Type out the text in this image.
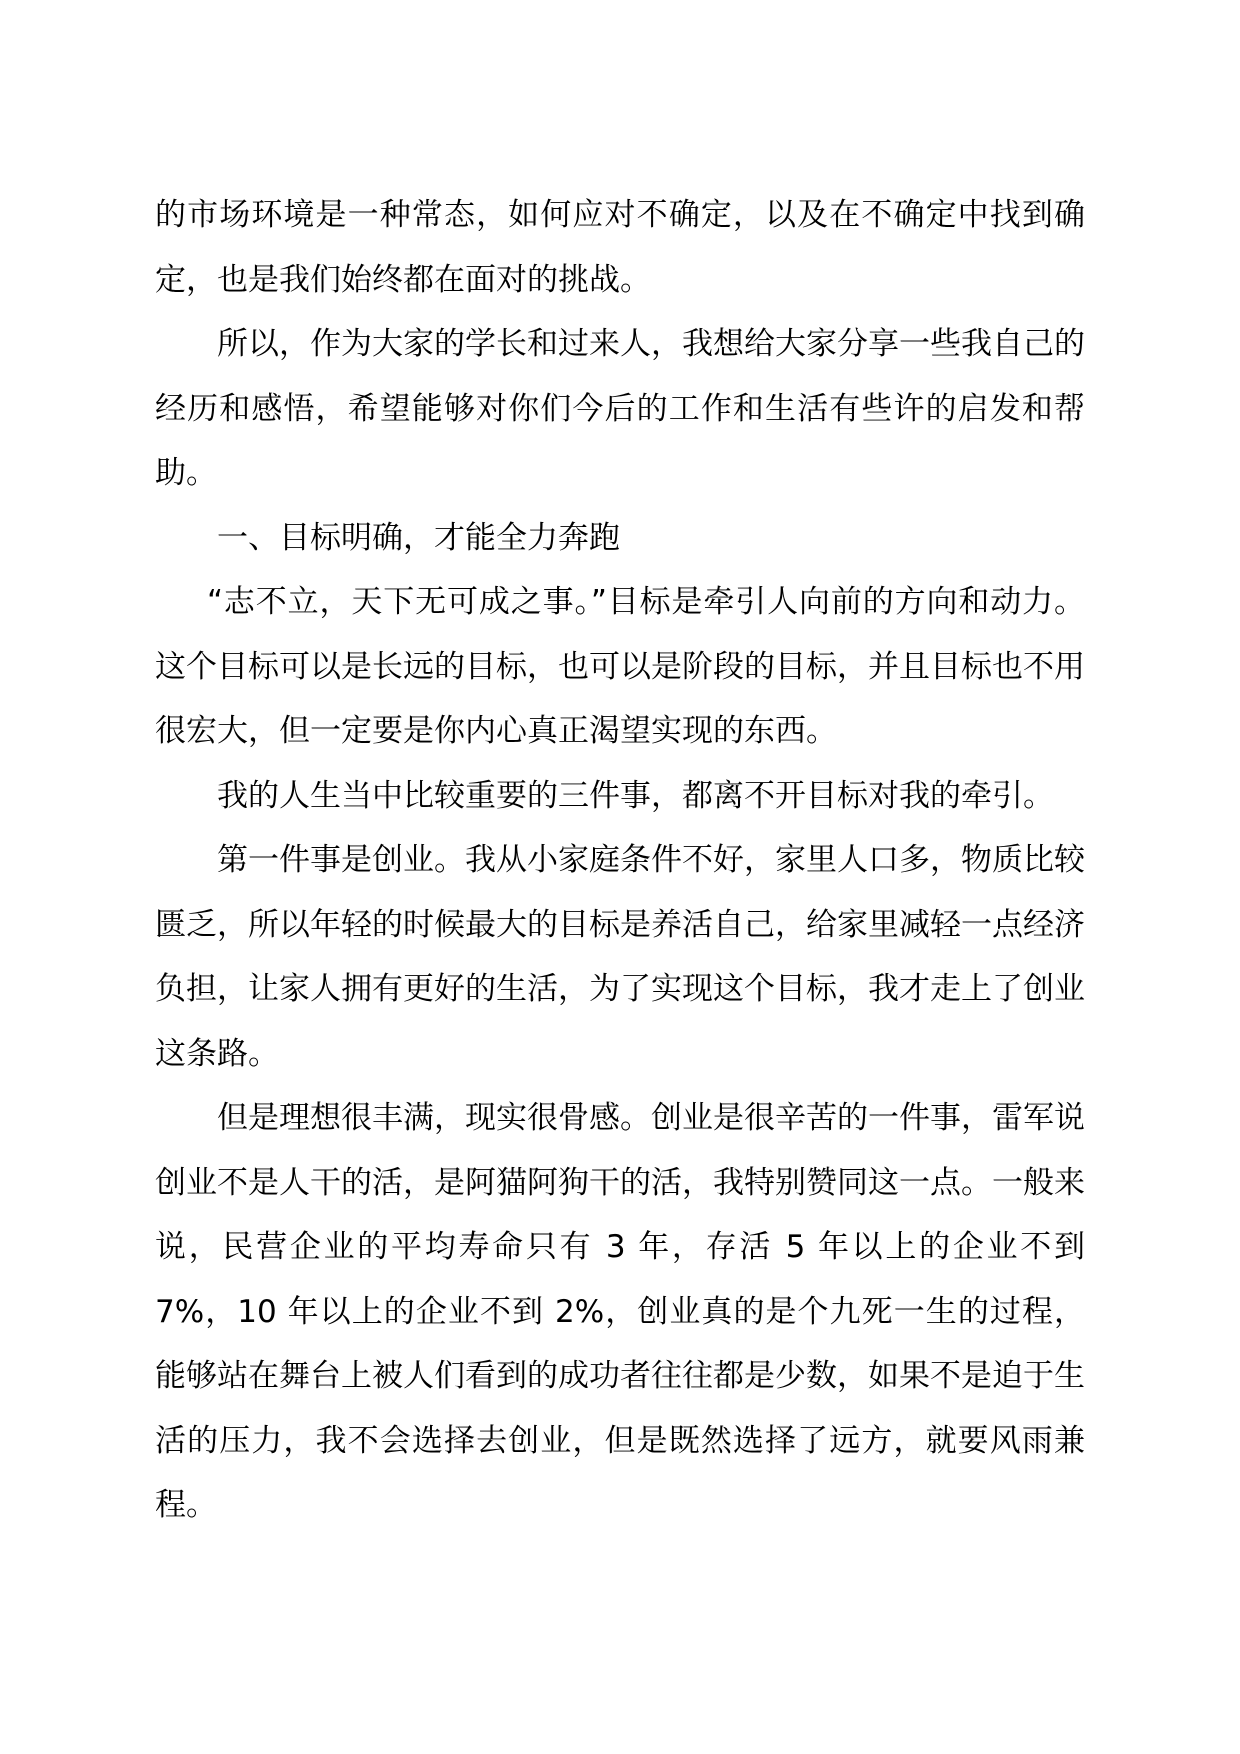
的市场环境是一种常态，如何应对不确定，以及在不确定中找到确定，也是我们始终都在面对的挑战。

所以，作为大家的学长和过来人，我想给大家分享一些我自己的经历和感悟，希望能够对你们今后的工作和生活有些许的启发和帮助。

一、目标明确，才能全力奔跑

“志不立，天下无可成之事。”目标是牵引人向前的方向和动力。这个目标可以是长远的目标，也可以是阶段的目标，并且目标也不用很宏大，但一定要是你内心真正渴望实现的东西。

我的人生当中比较重要的三件事，都离不开目标对我的牵引。

第一件事是创业。我从小家庭条件不好，家里人口多，物质比较匮乏，所以年轻的时候最大的目标是养活自己，给家里减轻一点经济负担，让家人拥有更好的生活，为了实现这个目标，我才走上了创业这条路。

但是理想很丰满，现实很骨感。创业是很辛苦的一件事，雷军说创业不是人干的活，是阿猫阿狗干的活，我特别赞同这一点。一般来说，民营企业的平均寿命只有 3 年，存活 5 年以上的企业不到 7%，10 年以上的企业不到 2%，创业真的是个九死一生的过程，能够站在舞台上被人们看到的成功者往往都是少数，如果不是迫于生活的压力，我不会选择去创业，但是既然选择了远方，就要风雨兼程。
